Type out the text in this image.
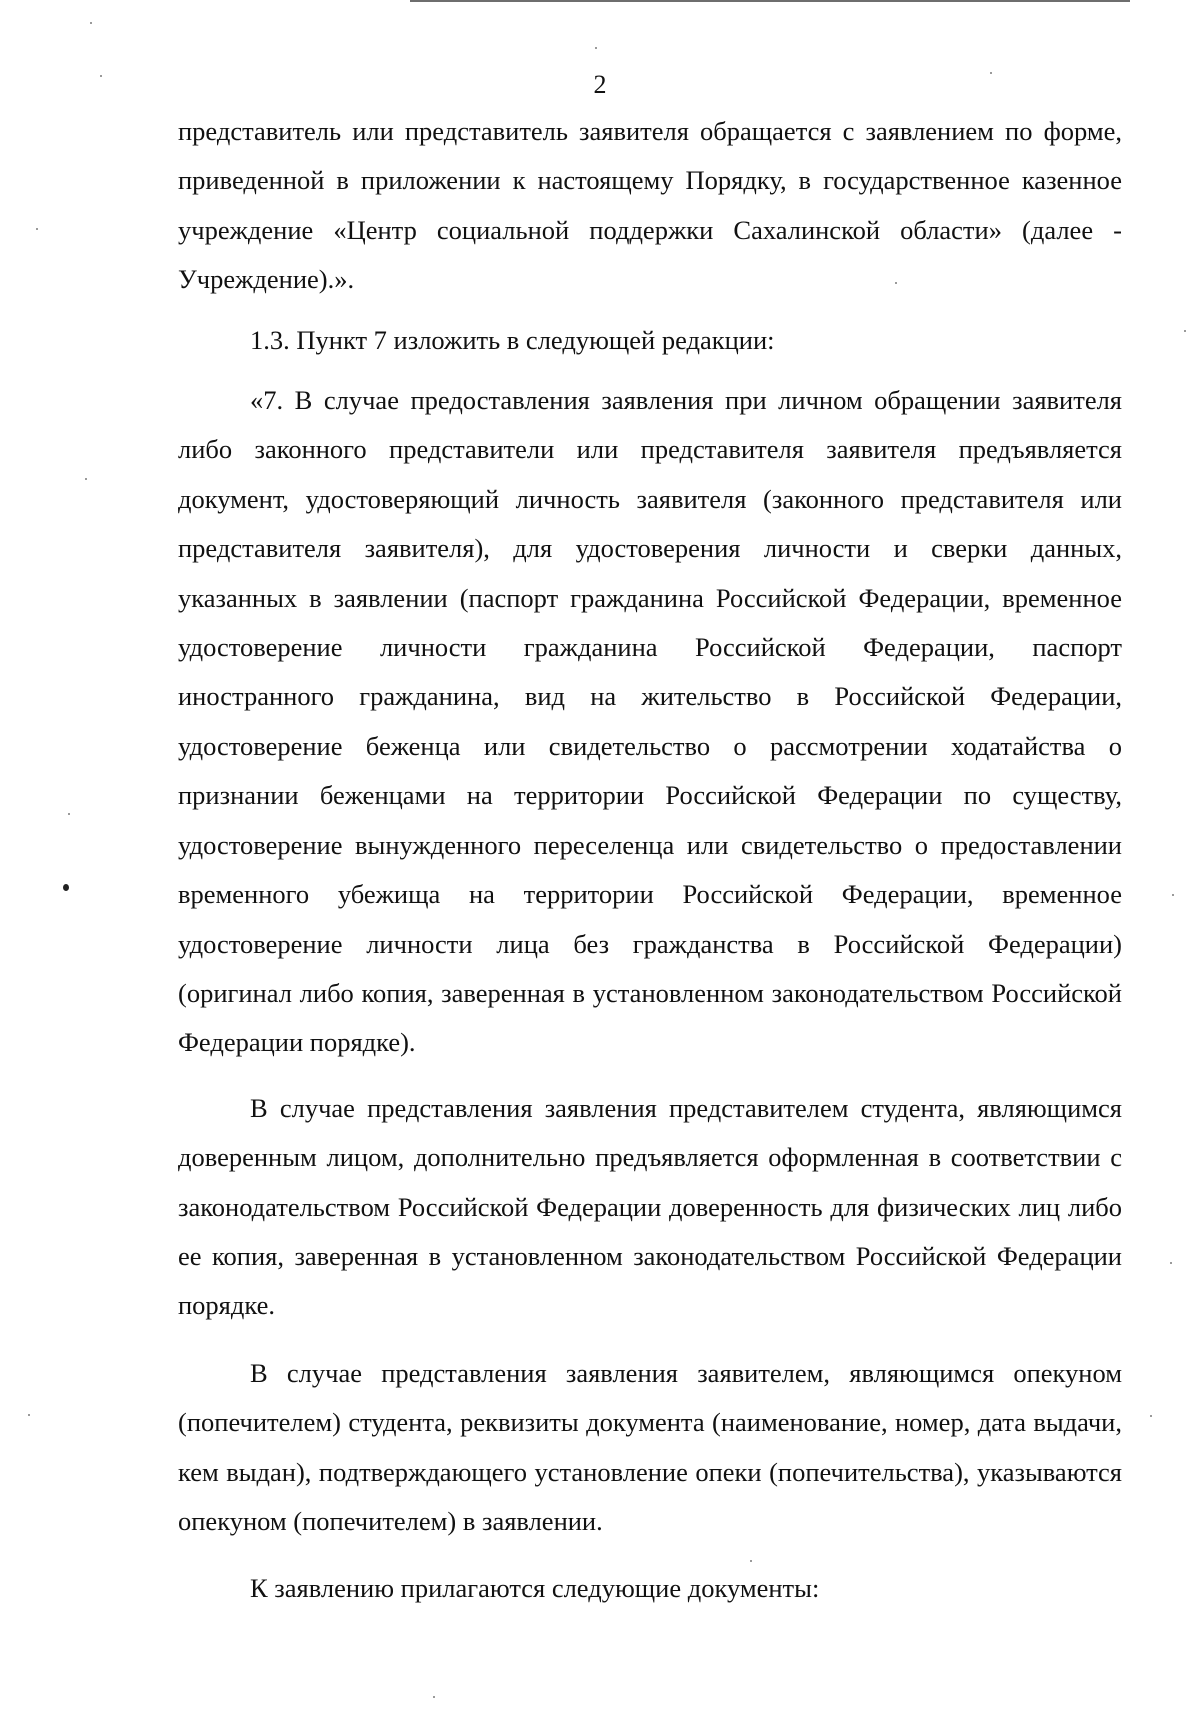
2

представитель или представитель заявителя обращается с заявлением по форме, приведенной в приложении к настоящему Порядку, в государственное казенное учреждение «Центр социальной поддержки Сахалинской области» (далее - Учреждение).».

1.3. Пункт 7 изложить в следующей редакции:

«7. В случае предоставления заявления при личном обращении заявителя либо законного представители или представителя заявителя предъявляется документ, удостоверяющий личность заявителя (законного представителя или представителя заявителя), для удостоверения личности и сверки данных, указанных в заявлении (паспорт гражданина Российской Федерации, временное удостоверение личности гражданина Российской Федерации, паспорт иностранного гражданина, вид на жительство в Российской Федерации, удостоверение беженца или свидетельство о рассмотрении ходатайства о признании беженцами на территории Российской Федерации по существу, удостоверение вынужденного переселенца или свидетельство о предоставлении временного убежища на территории Российской Федерации, временное удостоверение личности лица без гражданства в Российской Федерации) (оригинал либо копия, заверенная в установленном законодательством Российской Федерации порядке).

В случае представления заявления представителем студента, являющимся доверенным лицом, дополнительно предъявляется оформленная в соответствии с законодательством Российской Федерации доверенность для физических лиц либо ее копия, заверенная в установленном законодательством Российской Федерации порядке.

В случае представления заявления заявителем, являющимся опекуном (попечителем) студента, реквизиты документа (наименование, номер, дата выдачи, кем выдан), подтверждающего установление опеки (попечительства), указываются опекуном (попечителем) в заявлении.

К заявлению прилагаются следующие документы:
